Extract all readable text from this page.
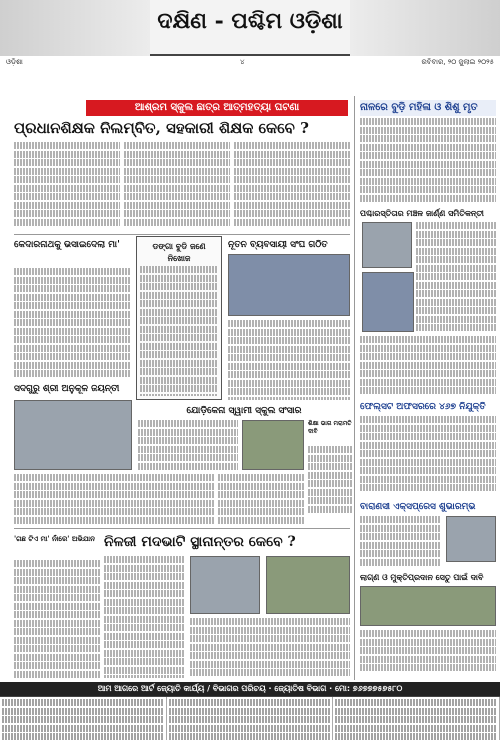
ଦକ୍ଷିଣ - ପଶ୍ଚିମ ଓଡ଼ିଶା
ଓଡ଼ିଶା	୪	ରବିବାର, ୨୦ ଜୁଲାଇ ୨୦୨୫
ଆଶ୍ରମ ସ୍କୁଲ ଛାତ୍ର ଆତ୍ମହତ୍ୟା ଘଟଣା
ପ୍ରଧାନଶିକ୍ଷକ ନିଲମ୍ବିତ, ସହକାରୀ ଶିକ୍ଷକ କେବେ ?

ନାଳରେ ବୁଡ଼ି ମହିଳା ଓ ଶିଶୁ ମୃତ

ପଶ୍ଚାରସ୍ତିତାର ମଞ୍ଚଳ ଜାର୍ଣ୍ଣ ସମିତିକନ୍ତୀ

ଫେଲ୍ସଟ ଅଫସରରେ ୪୬୭ ନିଯୁକ୍ତି

ବାରାଣସୀ ଏକ୍ସପ୍ରେସ ଶୁଭାରମ୍ଭ

ଲାଗ୍ଣ ଓ ମୁକ୍ତିପ୍ରଦାନ ସେତୁ ପାଇଁ ଦାବି

କେଦାରନାଥକୁ ଭସାଇଦେଲା ମା'	ଡଙ୍ଗା ବୁଡି ଜଣେ ନିଖୋଜ

ନୂତନ ବ୍ୟବସାୟୀ ସଂଘ ଗଠିତ

ସଦଗୁରୁ ଶ୍ରୀ ଅନୁକୂଳ ଜୟନ୍ତୀ
ଯୋଡ଼ିକେନା ସ୍ୱାମୀ ସ୍କୁଲ ସଂସାର

ଶିକ୍ଷା ଭାଗ ମରାମତି ଦାବି

'ଗଛ ଟିଏ ମା' ନାଁରେ' ଅଭିଯାନ ନିଳଜୀ ମଦଭାଟି ସ୍ଥାନାନ୍ତର କେବେ ?

ଆମ ଆଗରେ ଆର୍ଟ ଜ୍ୟୋତି କାର୍ଯ୍ୟ / ବିଭାଗର ପରିଚୟ · ଜ୍ୟୋତିଷ ବିଭାଗ · ମୋ: ୭୬୭୭୭୫୭୫୮୦
